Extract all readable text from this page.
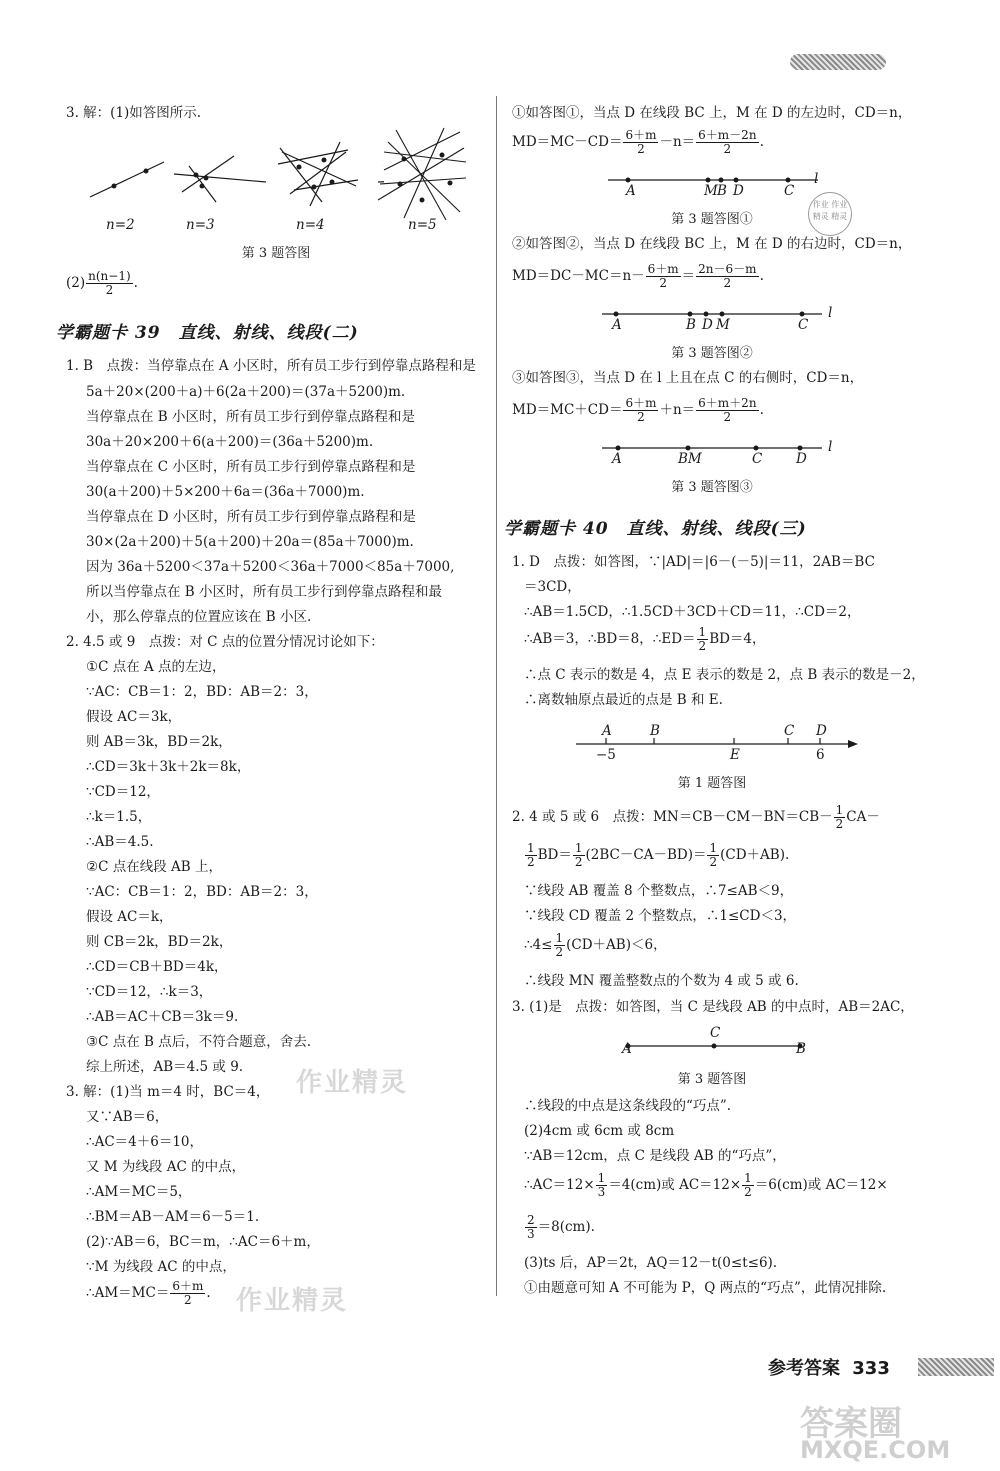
3. 解：(1)如答图所示.
n=2	n=3	n=4	n=5
第 3 题答图
$(2) \frac{n(n-1)}{2}$ .
学霸题卡 39　直线、射线、线段(二)
1. B　点拨：当停靠点在 A 小区时，所有员工步行到停靠点路程和是
5a＋20×(200＋a)＋6(2a＋200)＝(37a＋5200)m.
当停靠点在 B 小区时，所有员工步行到停靠点路程和是
30a＋20×200＋6(a＋200)＝(36a＋5200)m.
当停靠点在 C 小区时，所有员工步行到停靠点路程和是
30(a＋200)＋5×200＋6a＝(36a＋7000)m.
当停靠点在 D 小区时，所有员工步行到停靠点路程和是
30×(2a＋200)＋5(a＋200)＋20a＝(85a＋7000)m.
因为 36a＋5200＜37a＋5200＜36a＋7000＜85a＋7000,
所以当停靠点在 B 小区时，所有员工步行到停靠点路程和最
小，那么停靠点的位置应该在 B 小区.
2. 4.5 或 9　点拨：对 C 点的位置分情况讨论如下：
①C 点在 A 点的左边，
∵AC：CB＝1：2，BD：AB＝2：3，
假设 AC＝3k，
则 AB＝3k，BD＝2k，
∴CD＝3k＋3k＋2k＝8k，
∵CD＝12，
∴k＝1.5，
∴AB＝4.5.
②C 点在线段 AB 上，
∵AC：CB＝1：2，BD：AB＝2：3，
假设 AC＝k，
则 CB＝2k，BD＝2k，
∴CD＝CB＋BD＝4k，
∵CD＝12，∴k＝3，
∴AB＝AC＋CB＝3k＝9.
③C 点在 B 点后，不符合题意，舍去.
综上所述，AB＝4.5 或 9.
3. 解：(1)当 m＝4 时，BC＝4，
又∵AB＝6，
∴AC＝4＋6＝10，
又 M 为线段 AC 的中点，
∴AM＝MC＝5，
∴BM＝AB－AM＝6－5＝1.
(2)∵AB＝6，BC＝m，∴AC＝6＋m，
∵M 为线段 AC 的中点，
∴AM＝MC＝ $\frac{6+m}{2}$ .
作业精灵
作业精灵
①如答图①，当点 D 在线段 BC 上，M 在 D 的左边时，CD＝n，
$MD=MC-CD= \frac{6+m}{2} -n= \frac{6+m-2n}{2}$ .
A	M B D	C
l
第 3 题答图①
作业 作业精灵 精灵
②如答图②，当点 D 在线段 BC 上，M 在 D 的右边时，CD＝n，
$MD=DC-MC=n- \frac{6+m}{2} = \frac{2n-6-m}{2}$ .
A	B D M	C
l
第 3 题答图②
③如答图③，当点 D 在 l 上且在点 C 的右侧时，CD＝n，
$MD=MC+CD= \frac{6+m}{2} +n= \frac{6+m+2n}{2}$ .
A	BM	C D
l
第 3 题答图③
学霸题卡 40　直线、射线、线段(三)
1. D　点拨：如答图，∵|AD|＝|6－(－5)|＝11，2AB＝BC
＝3CD，
∴AB＝1.5CD，∴1.5CD＋3CD＋CD＝11，∴CD＝2，
∴AB＝3，∴BD＝8，∴ED＝ $\frac{1}{2} BD=4$，
∴点 C 表示的数是 4，点 E 表示的数是 2，点 B 表示的数是－2，
∴离数轴原点最近的点是 B 和 E.
A	B	C D
−5	E	6
第 1 题答图
2. 4 或 5 或 6　点拨：$MN=CB-CM-BN=CB- \frac{1}{2} CA-$
$\frac{1}{2} BD= \frac{1}{2} (2BC-CA-BD)= \frac{1}{2} (CD+AB)$.
∵线段 AB 覆盖 8 个整数点，∴7≤AB＜9，
∵线段 CD 覆盖 2 个整数点，∴1≤CD＜3，
∴4≤ $\frac{1}{2} (CD+AB)<6$，
∴线段 MN 覆盖整数点的个数为 4 或 5 或 6.
3. (1)是　点拨：如答图，当 C 是线段 AB 的中点时，AB＝2AC，
A
C
B
第 3 题答图
∴线段的中点是这条线段的“巧点”.
(2)4cm 或 6cm 或 8cm
∵AB＝12cm，点 C 是线段 AB 的“巧点”，
∴AC＝12× $\frac{1}{3} =4(cm)$或 $AC=12\times \frac{1}{2} =6(cm)$或 AC＝12×
$\frac{2}{3} =8(cm)$.
(3)ts 后，AP＝2t，AQ＝12－t(0≤t≤6).
①由题意可知 A 不可能为 P，Q 两点的“巧点”，此情况排除.
参考答案 333
答案圈
MXQE.COM
